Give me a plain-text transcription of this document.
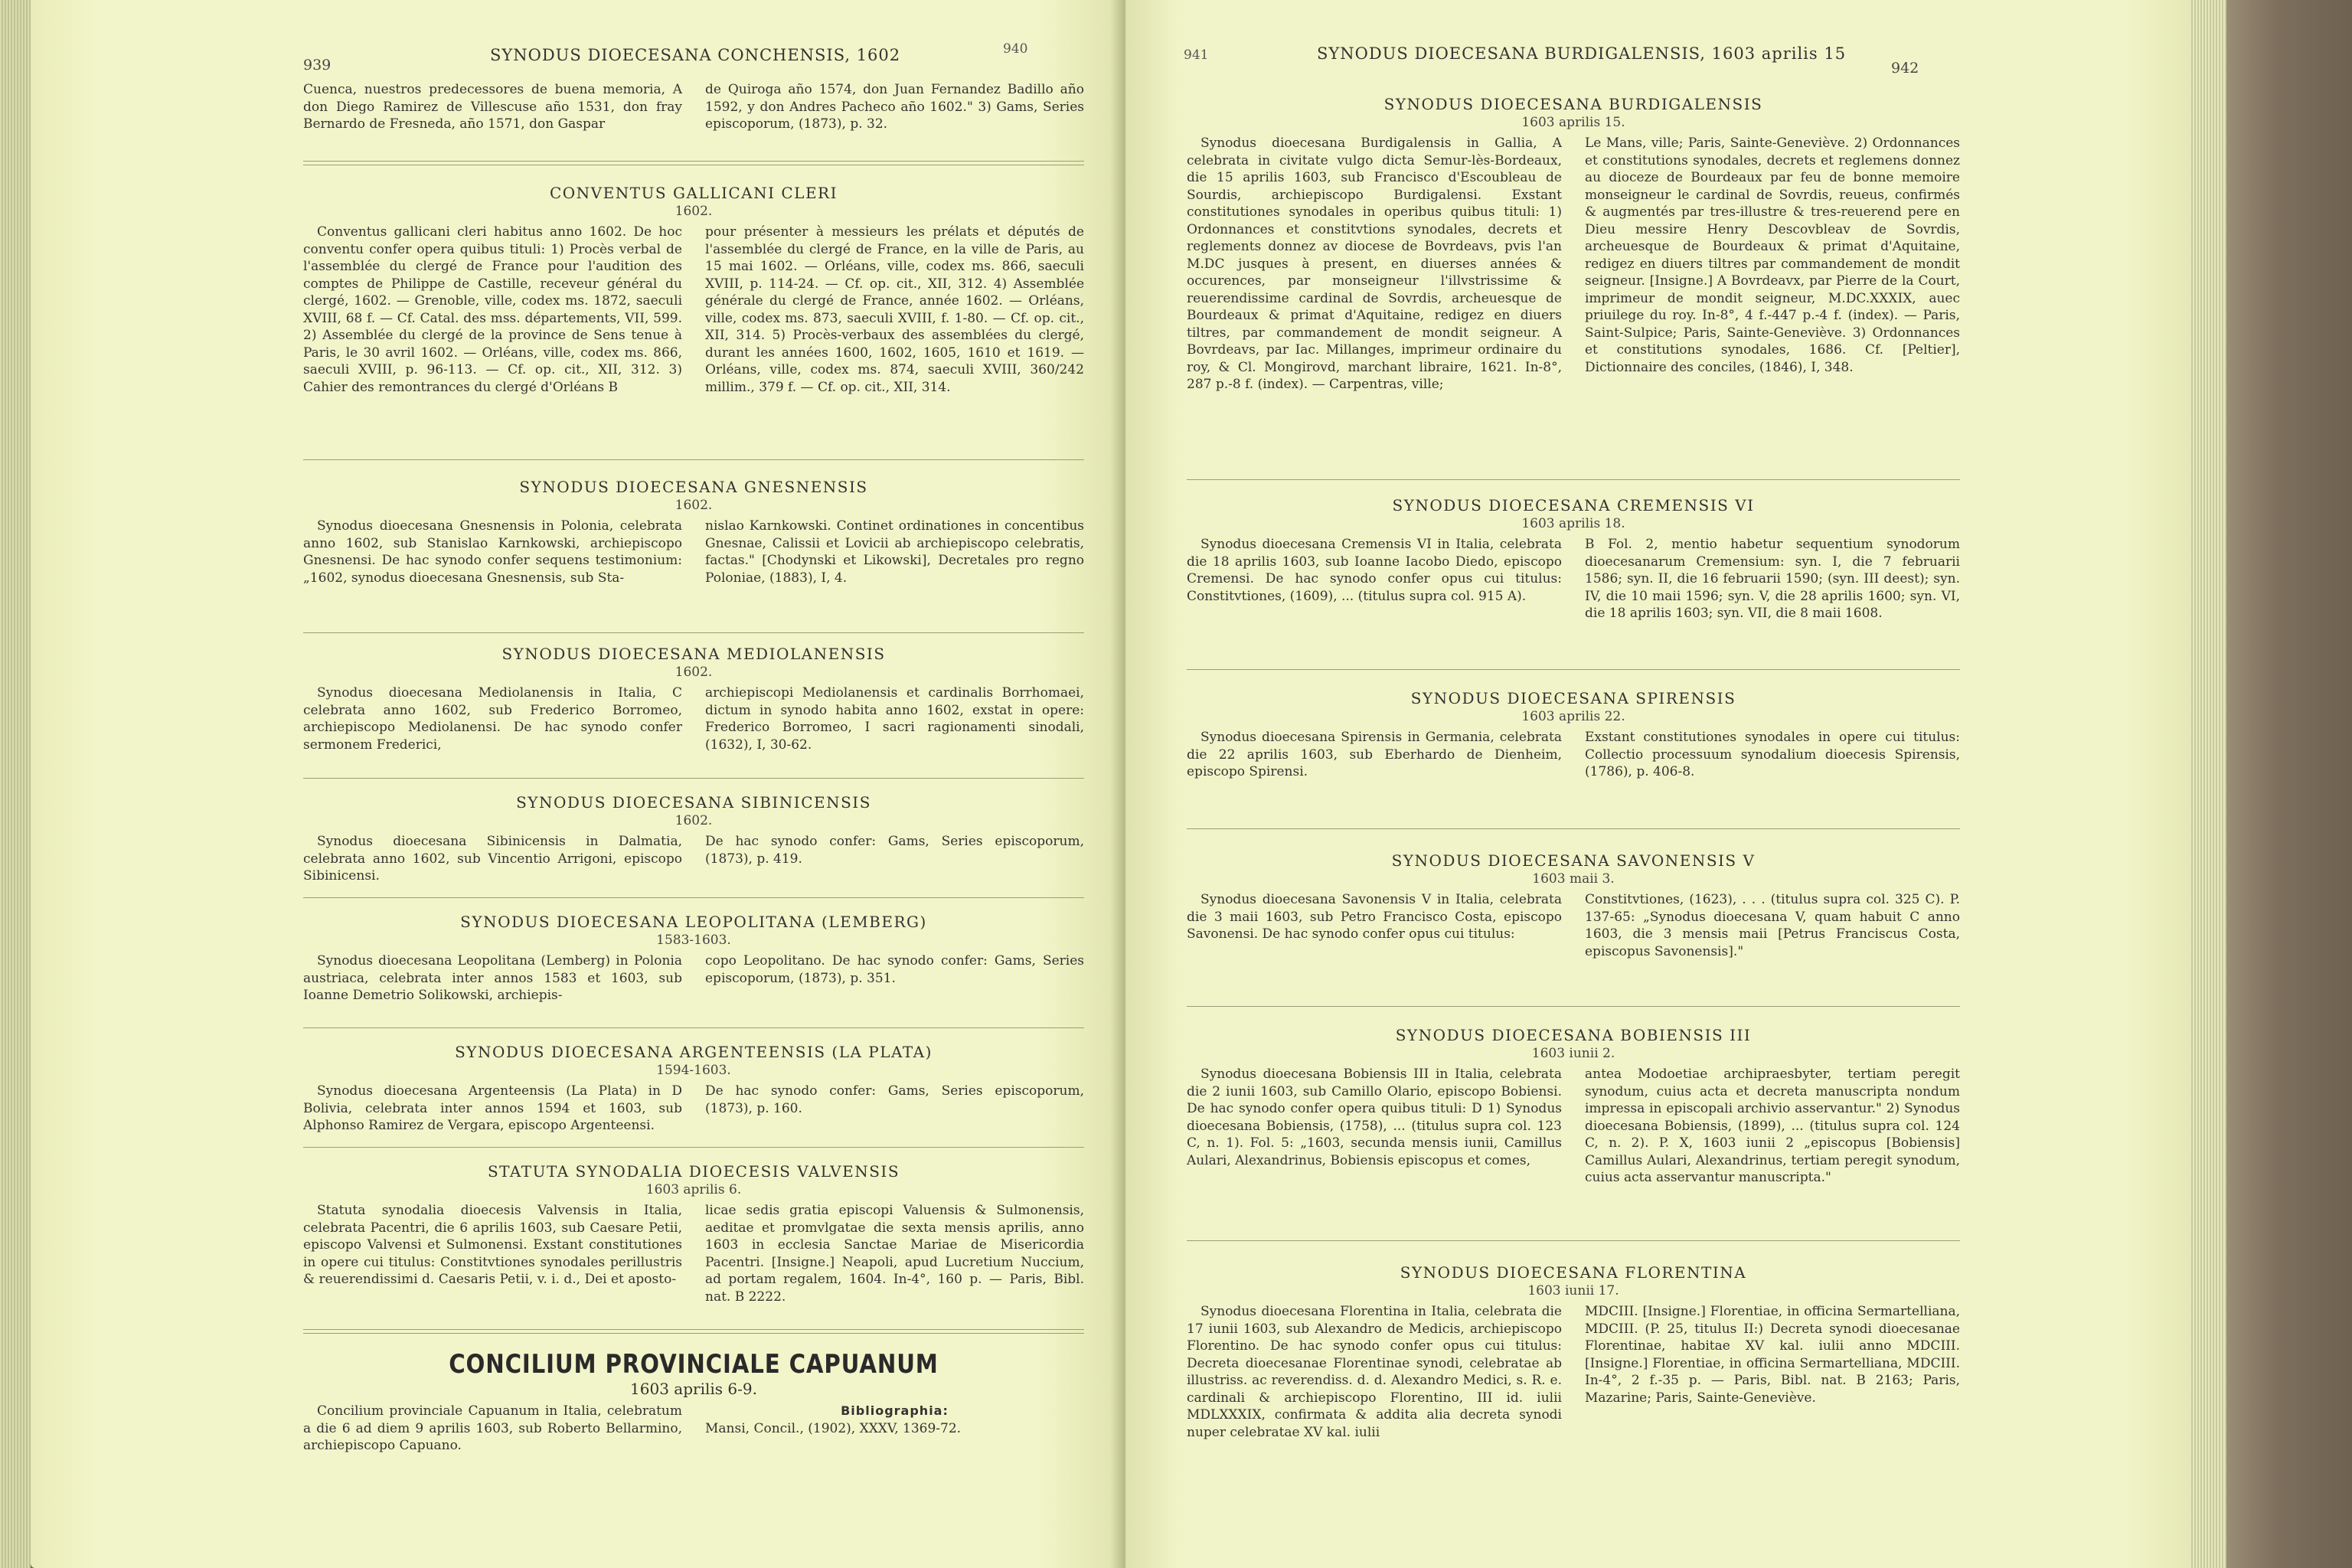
939
SYNODUS DIOECESANA CONCHENSIS, 1602	940
Cuenca, nuestros predecessores de buena memoria, A don Diego Ramirez de Villescuse año 1531, don fray Bernardo de Fresneda, año 1571, don Gaspar
de Quiroga año 1574, don Juan Fernandez Badillo año 1592, y don Andres Pacheco año 1602." 3) Gams, Series episcoporum, (1873), p. 32.
CONVENTUS GALLICANI CLERI
1602.
Conventus gallicani cleri habitus anno 1602. De hoc conventu confer opera quibus tituli: 1) Procès verbal de l'assemblée du clergé de France pour l'audition des comptes de Philippe de Castille, receveur général du clergé, 1602. — Grenoble, ville, codex ms. 1872, saeculi XVIII, 68 f. — Cf. Catal. des mss. départements, VII, 599. 2) Assemblée du clergé de la province de Sens tenue à Paris, le 30 avril 1602. — Orléans, ville, codex ms. 866, saeculi XVIII, p. 96-113. — Cf. op. cit., XII, 312. 3) Cahier des remontrances du clergé d'Orléans B
pour présenter à messieurs les prélats et députés de l'assemblée du clergé de France, en la ville de Paris, au 15 mai 1602. — Orléans, ville, codex ms. 866, saeculi XVIII, p. 114-24. — Cf. op. cit., XII, 312. 4) Assemblée générale du clergé de France, année 1602. — Orléans, ville, codex ms. 873, saeculi XVIII, f. 1-80. — Cf. op. cit., XII, 314. 5) Procès-verbaux des assemblées du clergé, durant les années 1600, 1602, 1605, 1610 et 1619. — Orléans, ville, codex ms. 874, saeculi XVIII, 360/242 millim., 379 f. — Cf. op. cit., XII, 314.
SYNODUS DIOECESANA GNESNENSIS
1602.
Synodus dioecesana Gnesnensis in Polonia, celebrata anno 1602, sub Stanislao Karnkowski, archiepiscopo Gnesnensi. De hac synodo confer sequens testimonium: „1602, synodus dioecesana Gnesnensis, sub Sta-
nislao Karnkowski. Continet ordinationes in concentibus Gnesnae, Calissii et Lovicii ab archiepiscopo celebratis, factas." [Chodynski et Likowski], Decretales pro regno Poloniae, (1883), I, 4.
SYNODUS DIOECESANA MEDIOLANENSIS
1602.
Synodus dioecesana Mediolanensis in Italia, C celebrata anno 1602, sub Frederico Borromeo, archiepiscopo Mediolanensi. De hac synodo confer sermonem Frederici,
archiepiscopi Mediolanensis et cardinalis Borrhomaei, dictum in synodo habita anno 1602, exstat in opere: Frederico Borromeo, I sacri ragionamenti sinodali, (1632), I, 30-62.
SYNODUS DIOECESANA SIBINICENSIS
1602.
Synodus dioecesana Sibinicensis in Dalmatia, celebrata anno 1602, sub Vincentio Arrigoni, episcopo Sibinicensi.
De hac synodo confer: Gams, Series episcoporum, (1873), p. 419.
SYNODUS DIOECESANA LEOPOLITANA (LEMBERG)
1583-1603.
Synodus dioecesana Leopolitana (Lemberg) in Polonia austriaca, celebrata inter annos 1583 et 1603, sub Ioanne Demetrio Solikowski, archiepis-
copo Leopolitano. De hac synodo confer: Gams, Series episcoporum, (1873), p. 351.
SYNODUS DIOECESANA ARGENTEENSIS (LA PLATA)
1594-1603.
Synodus dioecesana Argenteensis (La Plata) in D Bolivia, celebrata inter annos 1594 et 1603, sub Alphonso Ramirez de Vergara, episcopo Argenteensi.
De hac synodo confer: Gams, Series episcoporum, (1873), p. 160.
STATUTA SYNODALIA DIOECESIS VALVENSIS
1603 aprilis 6.
Statuta synodalia dioecesis Valvensis in Italia, celebrata Pacentri, die 6 aprilis 1603, sub Caesare Petii, episcopo Valvensi et Sulmonensi. Exstant constitutiones in opere cui titulus: Constitvtiones synodales perillustris & reuerendissimi d. Caesaris Petii, v. i. d., Dei et aposto-
licae sedis gratia episcopi Valuensis & Sulmonensis, aeditae et promvlgatae die sexta mensis aprilis, anno 1603 in ecclesia Sanctae Mariae de Misericordia Pacentri. [Insigne.] Neapoli, apud Lucretium Nuccium, ad portam regalem, 1604. In-4°, 160 p. — Paris, Bibl. nat. B 2222.
CONCILIUM PROVINCIALE CAPUANUM
1603 aprilis 6-9.
Concilium provinciale Capuanum in Italia, celebratum a die 6 ad diem 9 aprilis 1603, sub Roberto Bellarmino, archiepiscopo Capuano.
Bibliographia:
Mansi, Concil., (1902), XXXV, 1369-72.
941	SYNODUS DIOECESANA BURDIGALENSIS, 1603 aprilis 15
942
SYNODUS DIOECESANA BURDIGALENSIS
1603 aprilis 15.
Synodus dioecesana Burdigalensis in Gallia, A celebrata in civitate vulgo dicta Semur-lès-Bordeaux, die 15 aprilis 1603, sub Francisco d'Escoubleau de Sourdis, archiepiscopo Burdigalensi. Exstant constitutiones synodales in operibus quibus tituli: 1) Ordonnances et constitvtions synodales, decrets et reglements donnez av diocese de Bovrdeavs, pvis l'an M.DC jusques à present, en diuerses années & occurences, par monseigneur l'illvstrissime & reuerendissime cardinal de Sovrdis, archeuesque de Bourdeaux & primat d'Aquitaine, redigez en diuers tiltres, par commandement de mondit seigneur. A Bovrdeavs, par Iac. Millanges, imprimeur ordinaire du roy, & Cl. Mongirovd, marchant libraire, 1621. In-8°, 287 p.-8 f. (index). — Carpentras, ville;
Le Mans, ville; Paris, Sainte-Geneviève. 2) Ordonnances et constitutions synodales, decrets et reglemens donnez au dioceze de Bourdeaux par feu de bonne memoire monseigneur le cardinal de Sovrdis, reueus, confirmés & augmentés par tres-illustre & tres-reuerend pere en Dieu messire Henry Descovbleav de Sovrdis, archeuesque de Bourdeaux & primat d'Aquitaine, redigez en diuers tiltres par commandement de mondit seigneur. [Insigne.] A Bovrdeavx, par Pierre de la Court, imprimeur de mondit seigneur, M.DC.XXXIX, auec priuilege du roy. In-8°, 4 f.-447 p.-4 f. (index). — Paris, Saint-Sulpice; Paris, Sainte-Geneviève. 3) Ordonnances et constitutions synodales, 1686. Cf. [Peltier], Dictionnaire des conciles, (1846), I, 348.
SYNODUS DIOECESANA CREMENSIS VI
1603 aprilis 18.
Synodus dioecesana Cremensis VI in Italia, celebrata die 18 aprilis 1603, sub Ioanne Iacobo Diedo, episcopo Cremensi. De hac synodo confer opus cui titulus: Constitvtiones, (1609), ... (titulus supra col. 915 A).
B Fol. 2, mentio habetur sequentium synodorum dioecesanarum Cremensium: syn. I, die 7 februarii 1586; syn. II, die 16 februarii 1590; (syn. III deest); syn. IV, die 10 maii 1596; syn. V, die 28 aprilis 1600; syn. VI, die 18 aprilis 1603; syn. VII, die 8 maii 1608.
SYNODUS DIOECESANA SPIRENSIS
1603 aprilis 22.
Synodus dioecesana Spirensis in Germania, celebrata die 22 aprilis 1603, sub Eberhardo de Dienheim, episcopo Spirensi.
Exstant constitutiones synodales in opere cui titulus: Collectio processuum synodalium dioecesis Spirensis, (1786), p. 406-8.
SYNODUS DIOECESANA SAVONENSIS V
1603 maii 3.
Synodus dioecesana Savonensis V in Italia, celebrata die 3 maii 1603, sub Petro Francisco Costa, episcopo Savonensi. De hac synodo confer opus cui titulus:
Constitvtiones, (1623), . . . (titulus supra col. 325 C). P. 137-65: „Synodus dioecesana V, quam habuit C anno 1603, die 3 mensis maii [Petrus Franciscus Costa, episcopus Savonensis]."
SYNODUS DIOECESANA BOBIENSIS III
1603 iunii 2.
Synodus dioecesana Bobiensis III in Italia, celebrata die 2 iunii 1603, sub Camillo Olario, episcopo Bobiensi. De hac synodo confer opera quibus tituli: D 1) Synodus dioecesana Bobiensis, (1758), ... (titulus supra col. 123 C, n. 1). Fol. 5: „1603, secunda mensis iunii, Camillus Aulari, Alexandrinus, Bobiensis episcopus et comes,
antea Modoetiae archipraesbyter, tertiam peregit synodum, cuius acta et decreta manuscripta nondum impressa in episcopali archivio asservantur." 2) Synodus dioecesana Bobiensis, (1899), ... (titulus supra col. 124 C, n. 2). P. X, 1603 iunii 2 „episcopus [Bobiensis] Camillus Aulari, Alexandrinus, tertiam peregit synodum, cuius acta asservantur manuscripta."
SYNODUS DIOECESANA FLORENTINA
1603 iunii 17.
Synodus dioecesana Florentina in Italia, celebrata die 17 iunii 1603, sub Alexandro de Medicis, archiepiscopo Florentino. De hac synodo confer opus cui titulus: Decreta dioecesanae Florentinae synodi, celebratae ab illustriss. ac reverendiss. d. d. Alexandro Medici, s. R. e. cardinali & archiepiscopo Florentino, III id. iulii MDLXXXIX, confirmata & addita alia decreta synodi nuper celebratae XV kal. iulii
MDCIII. [Insigne.] Florentiae, in officina Sermartelliana, MDCIII. (P. 25, titulus II:) Decreta synodi dioecesanae Florentinae, habitae XV kal. iulii anno MDCIII. [Insigne.] Florentiae, in officina Sermartelliana, MDCIII. In-4°, 2 f.-35 p. — Paris, Bibl. nat. B 2163; Paris, Mazarine; Paris, Sainte-Geneviève.
